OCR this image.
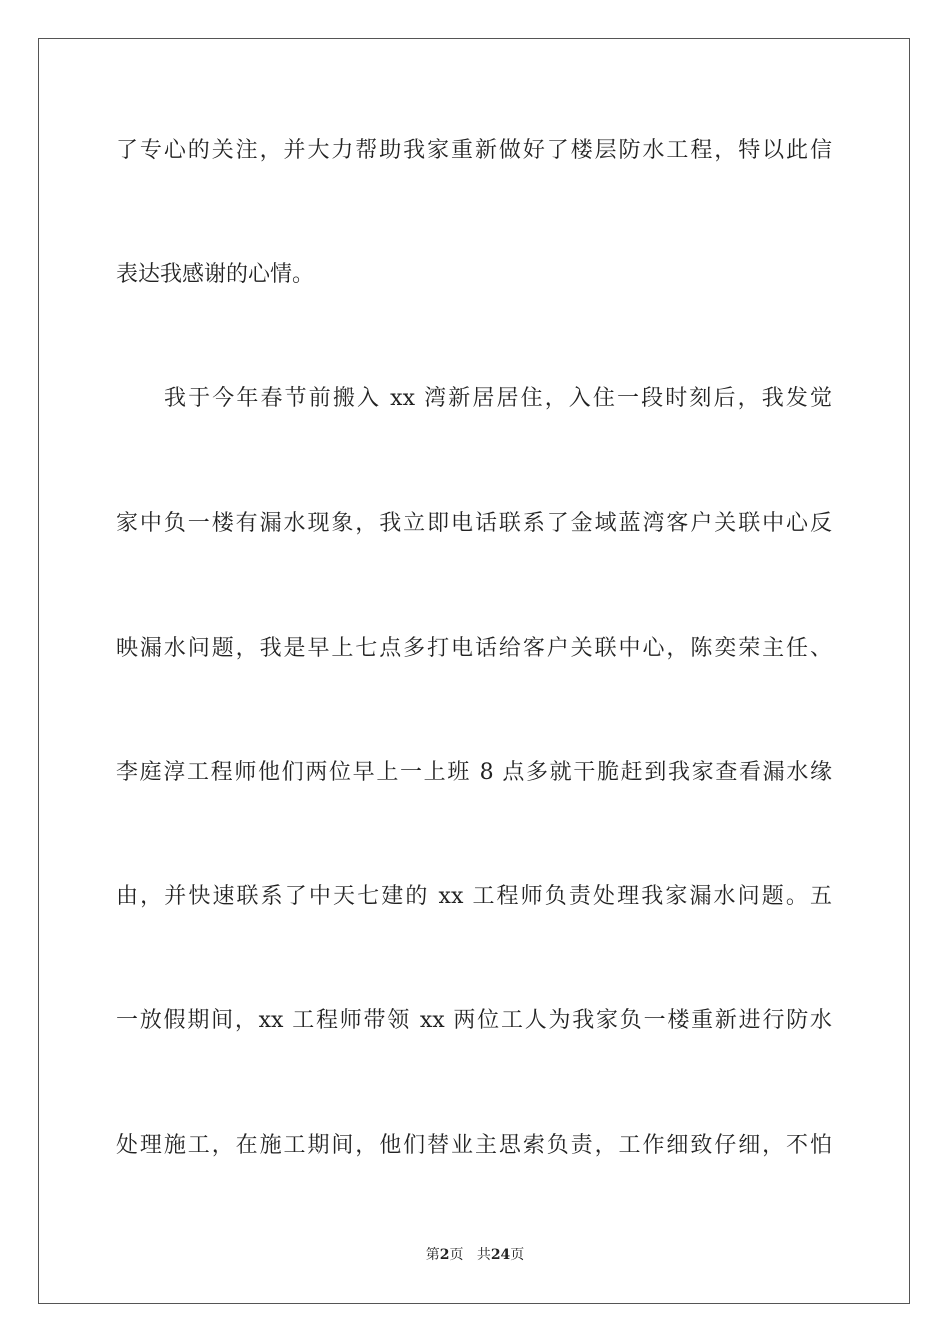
了专心的关注，并大力帮助我家重新做好了楼层防水工程，特以此信
表达我感谢的心情。
我于今年春节前搬入 xx 湾新居居住，入住一段时刻后，我发觉
家中负一楼有漏水现象，我立即电话联系了金域蓝湾客户关联中心反
映漏水问题，我是早上七点多打电话给客户关联中心，陈奕荣主任、
李庭淳工程师他们两位早上一上班 8 点多就干脆赶到我家查看漏水缘
由，并快速联系了中天七建的 xx 工程师负责处理我家漏水问题。五
一放假期间，xx 工程师带领 xx 两位工人为我家负一楼重新进行防水
处理施工，在施工期间，他们替业主思索负责，工作细致仔细，不怕
第2页 共24页
